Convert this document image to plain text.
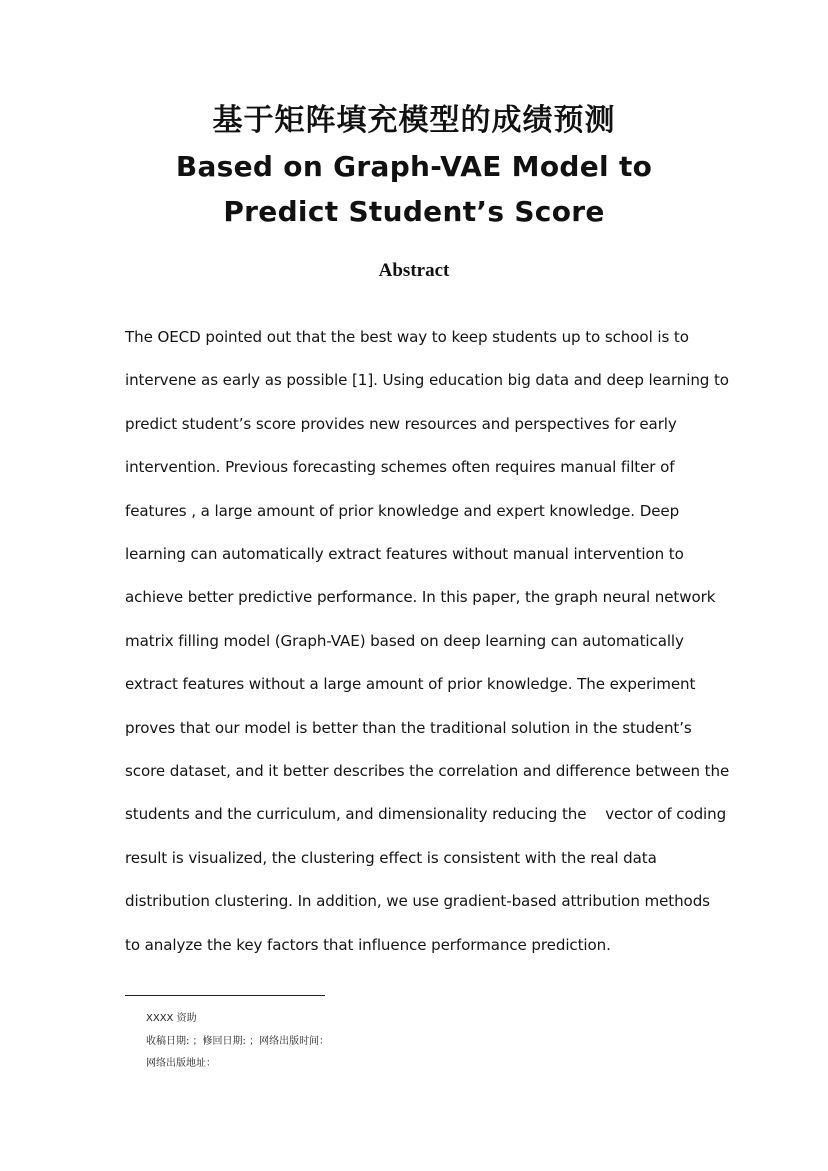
基于矩阵填充模型的成绩预测
Based on Graph-VAE Model to Predict Student’s Score
Abstract
The OECD pointed out that the best way to keep students up to school is to
intervene as early as possible [1]. Using education big data and deep learning to
predict student’s score provides new resources and perspectives for early
intervention. Previous forecasting schemes often requires manual filter of
features , a large amount of prior knowledge and expert knowledge. Deep
learning can automatically extract features without manual intervention to
achieve better predictive performance. In this paper, the graph neural network
matrix filling model (Graph-VAE) based on deep learning can automatically
extract features without a large amount of prior knowledge. The experiment
proves that our model is better than the traditional solution in the student’s
score dataset, and it better describes the correlation and difference between the
students and the curriculum, and dimensionality reducing the    vector of coding
result is visualized, the clustering effect is consistent with the real data
distribution clustering. In addition, we use gradient-based attribution methods
to analyze the key factors that influence performance prediction.
XXXX 资助
收稿日期: ；修回日期: ；网络出版时间：
网络出版地址：
